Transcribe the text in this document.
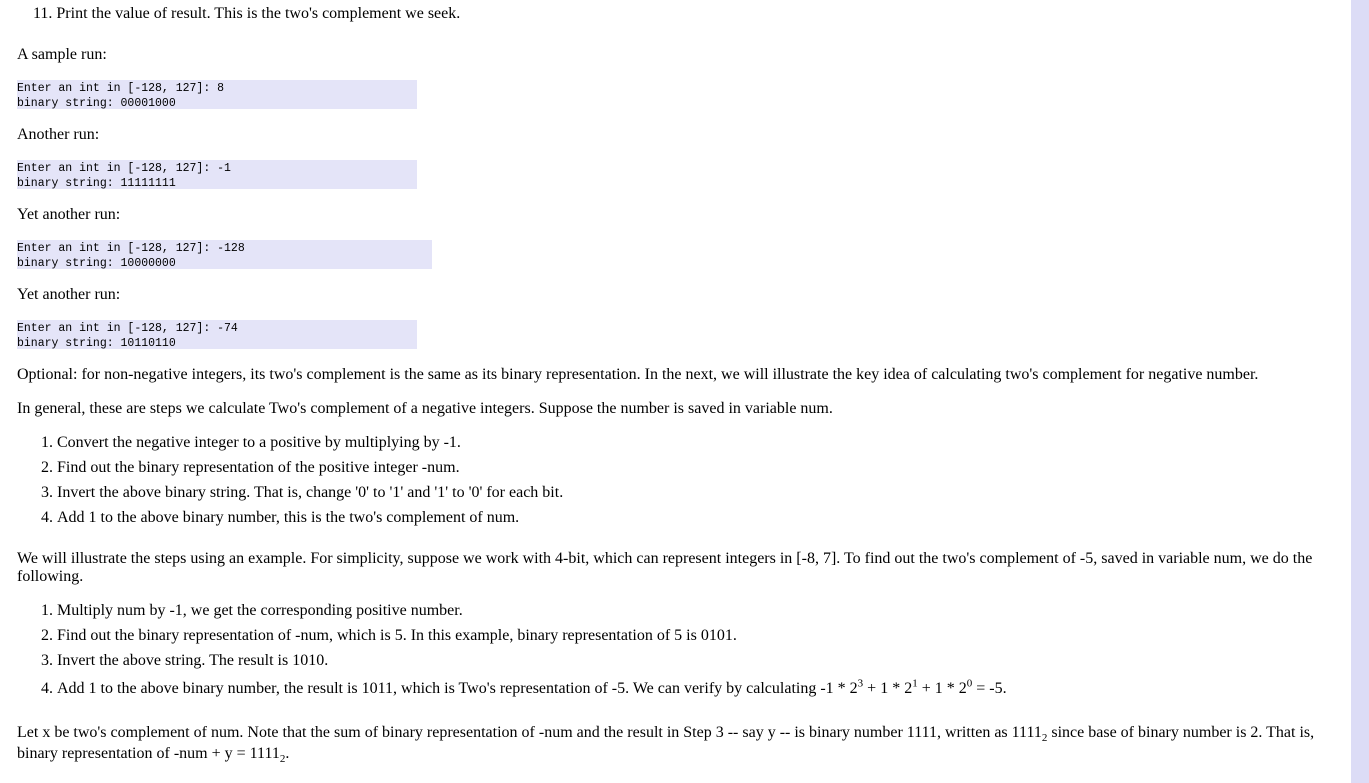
11. Print the value of result. This is the two's complement we seek.

A sample run:

Enter an int in [-128, 127]: 8
binary string: 00001000

Another run:

Enter an int in [-128, 127]: -1
binary string: 11111111

Yet another run:

Enter an int in [-128, 127]: -128
binary string: 10000000

Yet another run:

Enter an int in [-128, 127]: -74
binary string: 10110110

Optional: for non-negative integers, its two's complement is the same as its binary representation. In the next, we will illustrate the key idea of calculating two's complement for negative number.

In general, these are steps we calculate Two's complement of a negative integers. Suppose the number is saved in variable num.

1. Convert the negative integer to a positive by multiplying by -1.
2. Find out the binary representation of the positive integer -num.
3. Invert the above binary string. That is, change '0' to '1' and '1' to '0' for each bit.
4. Add 1 to the above binary number, this is the two's complement of num.

We will illustrate the steps using an example. For simplicity, suppose we work with 4-bit, which can represent integers in [-8, 7]. To find out the two's complement of -5, saved in variable num, we do the following.

1. Multiply num by -1, we get the corresponding positive number.
2. Find out the binary representation of -num, which is 5. In this example, binary representation of 5 is 0101.
3. Invert the above string. The result is 1010.
4. Add 1 to the above binary number, the result is 1011, which is Two's representation of -5. We can verify by calculating $-1 * 2^3 + 1 * 2^1 + 1 * 2^0 = -5$.

Let x be two's complement of num. Note that the sum of binary representation of -num and the result in Step 3 -- say y -- is binary number 1111, written as $1111_2$ since base of binary number is 2. That is, binary representation of $-num + y = 1111_2$.
